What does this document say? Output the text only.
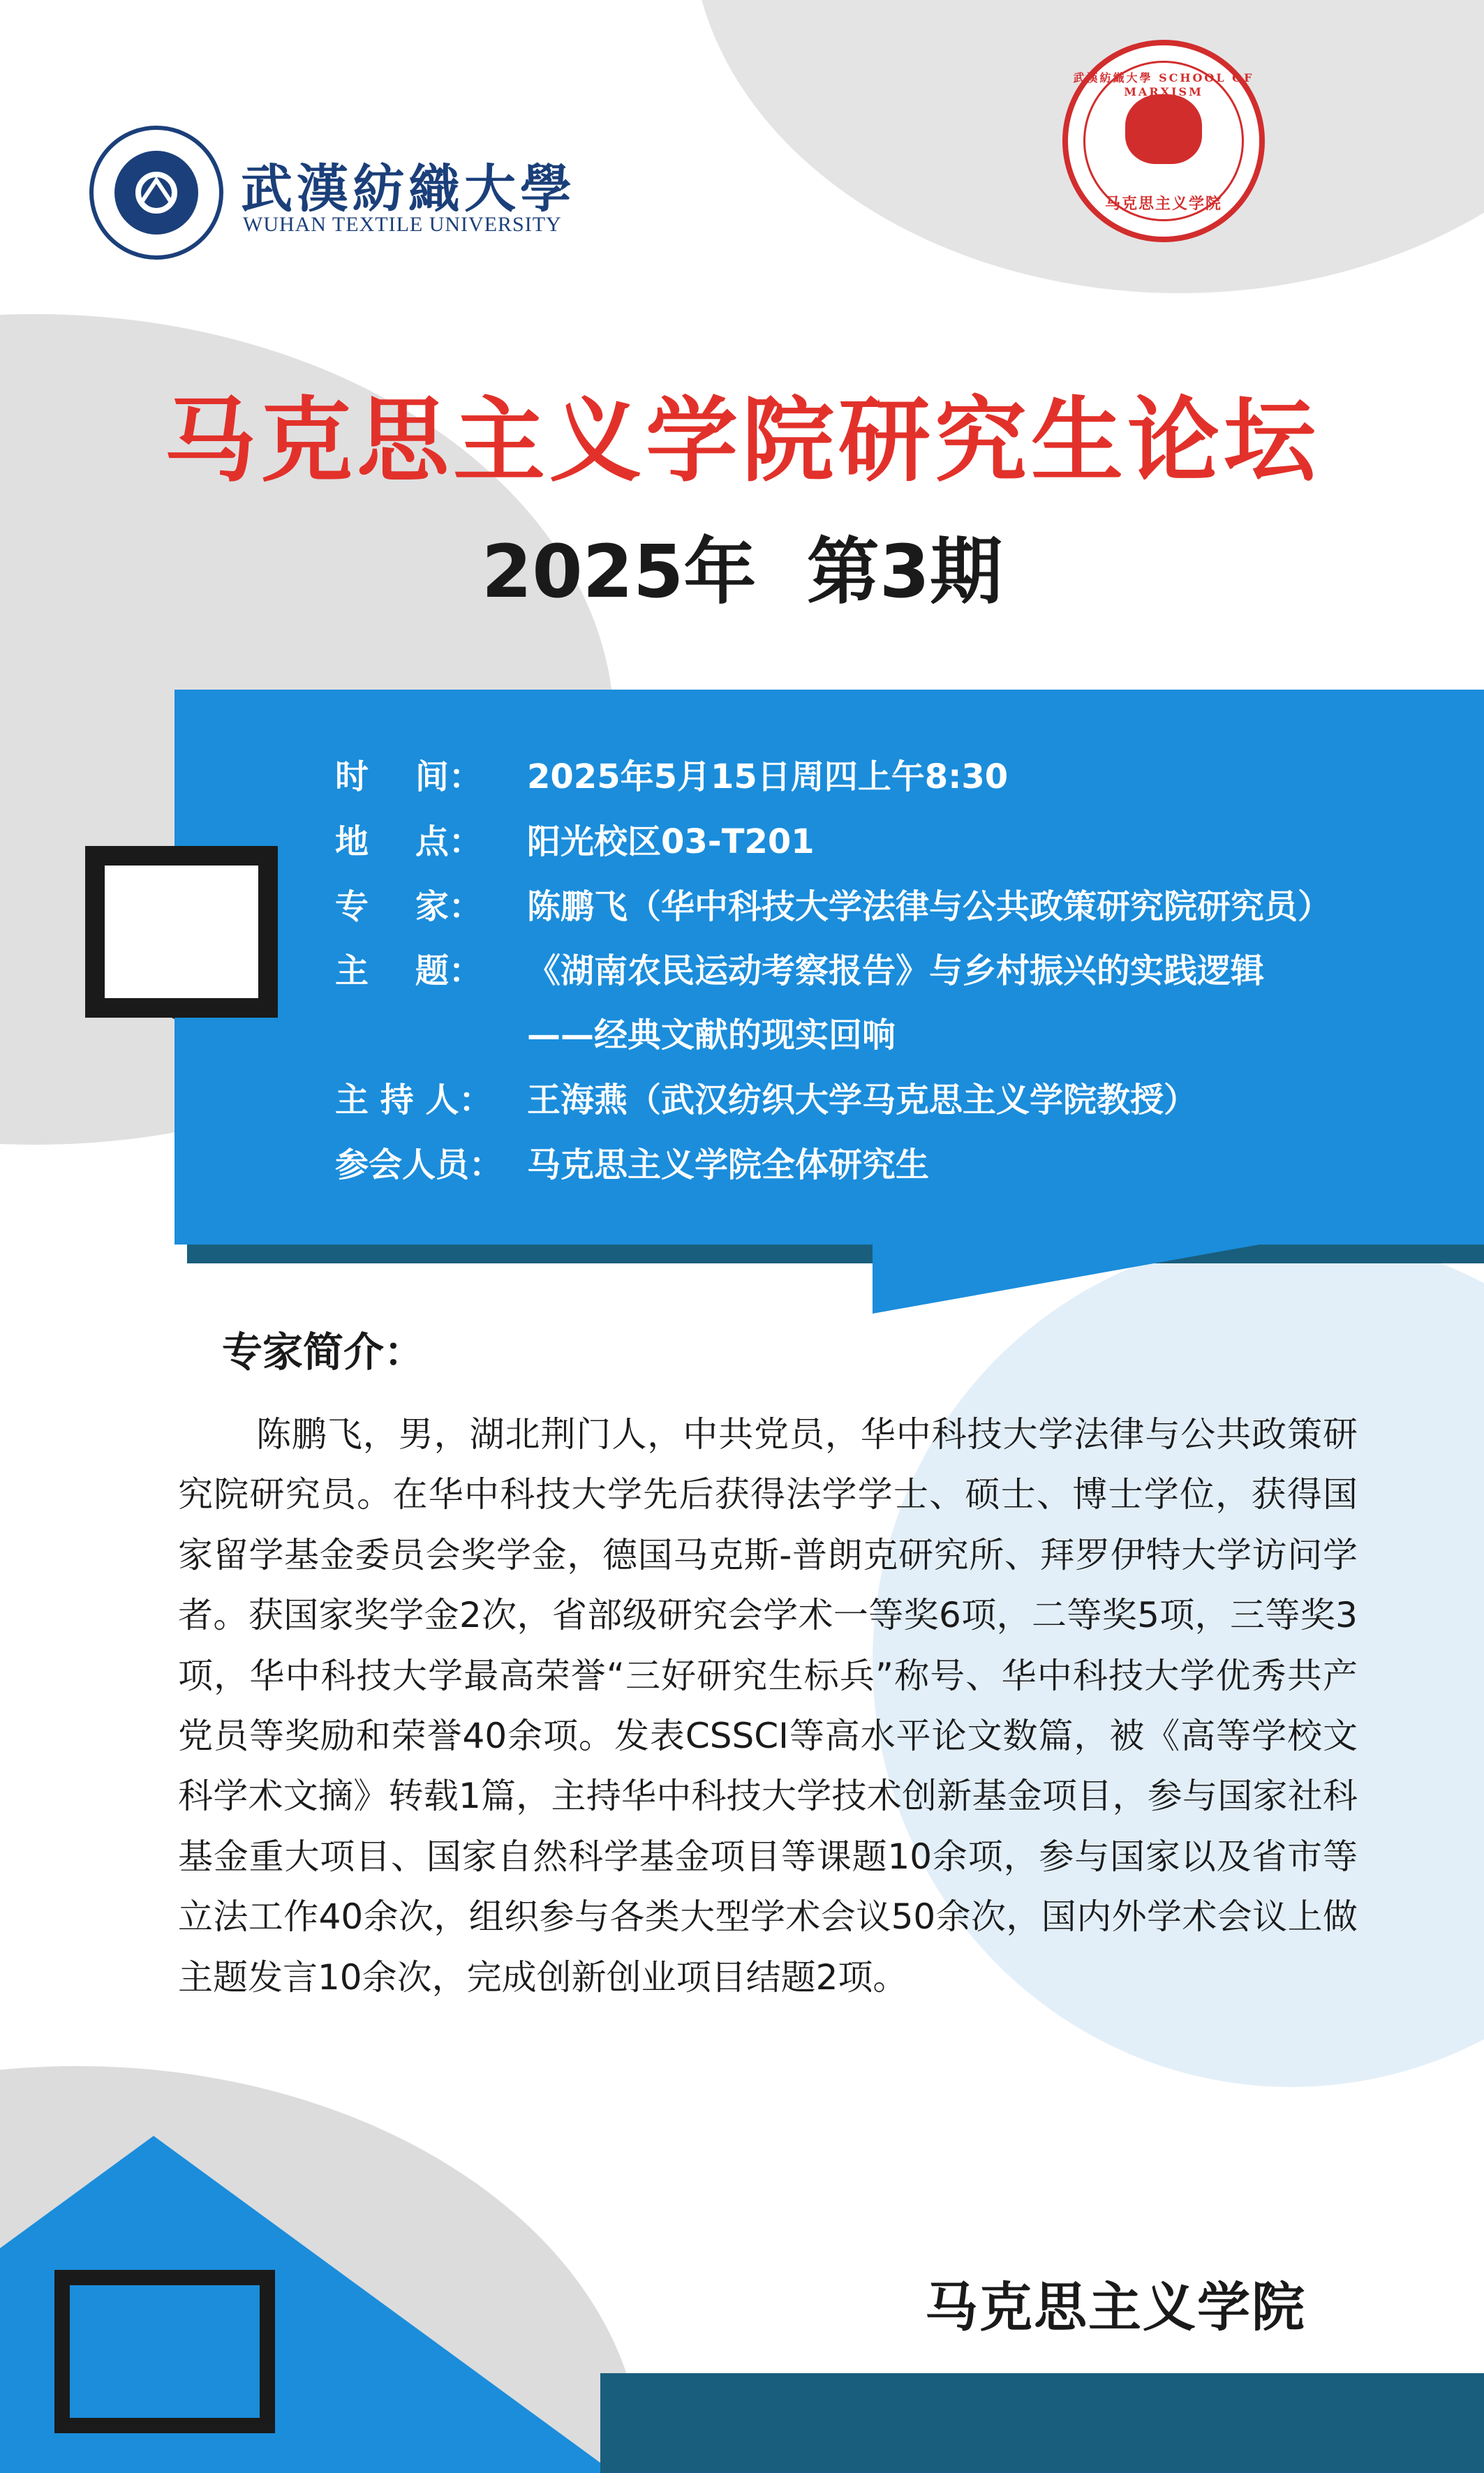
武漢紡織大學
WUHAN TEXTILE UNIVERSITY
武漢紡織大學 SCHOOL OF MARXISM
马克思主义学院
马克思主义学院研究生论坛
2025年  第3期
时    间： 2025年5月15日周四上午8:30
地    点： 阳光校区03-T201
专    家： 陈鹏飞（华中科技大学法律与公共政策研究院研究员）
主    题： 《湖南农民运动考察报告》与乡村振兴的实践逻辑
——经典文献的现实回响
主 持 人： 王海燕（武汉纺织大学马克思主义学院教授）
参会人员： 马克思主义学院全体研究生
专家简介：

陈鹏飞，男，湖北荆门人，中共党员，华中科技大学法律与公共政策研究院研究员。在华中科技大学先后获得法学学士、硕士、博士学位，获得国家留学基金委员会奖学金，德国马克斯-普朗克研究所、拜罗伊特大学访问学者。获国家奖学金2次，省部级研究会学术一等奖6项，二等奖5项，三等奖3项，华中科技大学最高荣誉“三好研究生标兵”称号、华中科技大学优秀共产党员等奖励和荣誉40余项。发表CSSCI等高水平论文数篇，被《高等学校文科学术文摘》转载1篇，主持华中科技大学技术创新基金项目，参与国家社科基金重大项目、国家自然科学基金项目等课题10余项，参与国家以及省市等立法工作40余次，组织参与各类大型学术会议50余次，国内外学术会议上做主题发言10余次，完成创新创业项目结题2项。

马克思主义学院
